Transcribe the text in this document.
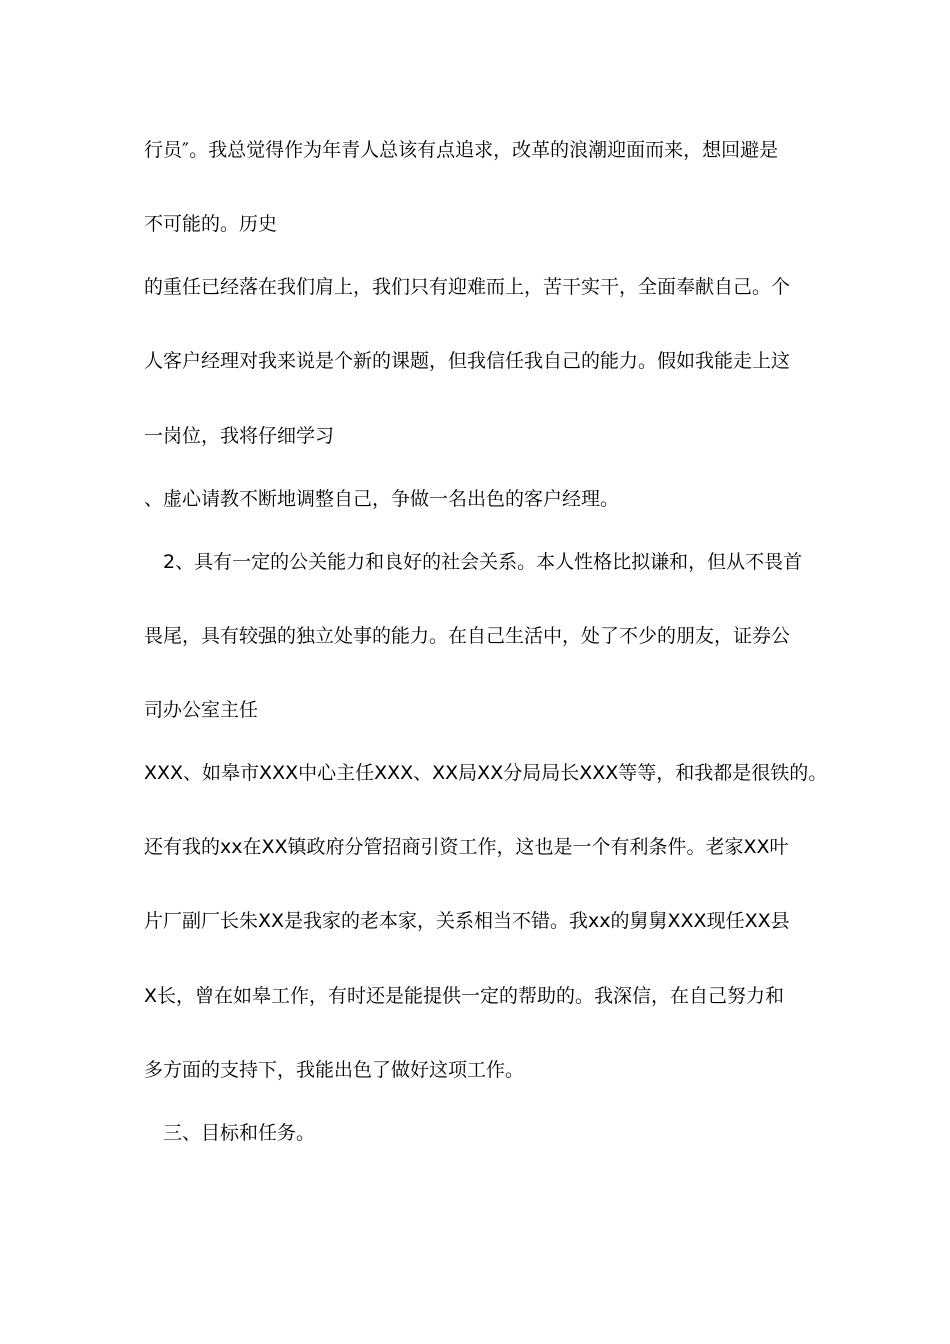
行员″。我总觉得作为年青人总该有点追求，改革的浪潮迎面而来，想回避是

不可能的。历史

的重任已经落在我们肩上，我们只有迎难而上，苦干实干，全面奉献自己。个

人客户经理对我来说是个新的课题，但我信任我自己的能力。假如我能走上这

一岗位，我将仔细学习

、虚心请教不断地调整自己，争做一名出色的客户经理。

2、具有一定的公关能力和良好的社会关系。本人性格比拟谦和，但从不畏首

畏尾，具有较强的独立处事的能力。在自己生活中，处了不少的朋友，证券公

司办公室主任

XXX、如皋市XXX中心主任XXX、XX局XX分局局长XXX等等，和我都是很铁的。

还有我的xx在XX镇政府分管招商引资工作，这也是一个有利条件。老家XX叶

片厂副厂长朱XX是我家的老本家，关系相当不错。我xx的舅舅XXX现任XX县

X长，曾在如皋工作，有时还是能提供一定的帮助的。我深信，在自己努力和

多方面的支持下，我能出色了做好这项工作。

三、目标和任务。
